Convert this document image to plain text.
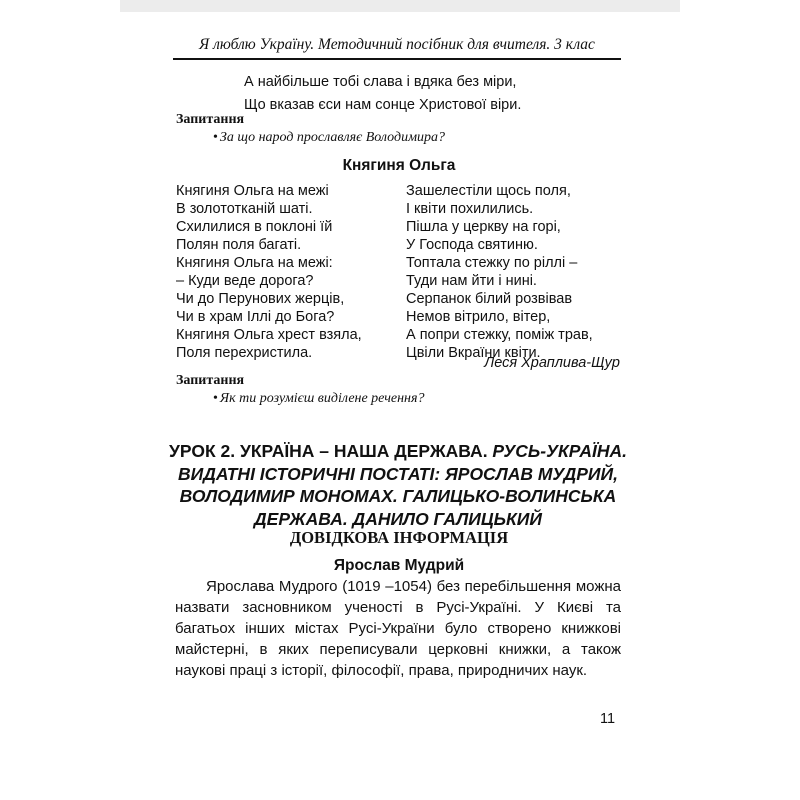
Я люблю Україну. Методичний посібник для вчителя. 3 клас
А найбільше тобі слава і вдяка без міри,
Що вказав єси нам сонце Христової віри.
Запитання
• За що народ прославляє Володимира?
Княгиня Ольга
Княгиня Ольга на межі
В золототканій шаті.
Схилилися в поклоні їй
Полян поля багаті.
Княгиня Ольга на межі:
– Куди веде дорога?
Чи до Перунових жерців,
Чи в храм Іллі до Бога?
Княгиня Ольга хрест взяла,
Поля перехристила.
Зашелестіли щось поля,
І квіти похилились.
Пішла у церкву на горі,
У Господа святиню.
Топтала стежку по ріллі –
Туди нам йти і нині.
Серпанок білий розвівав
Немов вітрило, вітер,
А попри стежку, поміж трав,
Цвіли Вкраїни квіти.
Леся Храплива-Щур
Запитання
• Як ти розумієш виділене речення?
УРОК 2. УКРАЇНА – НАША ДЕРЖАВА. РУСЬ-УКРАЇНА.
ВИДАТНІ ІСТОРИЧНІ ПОСТАТІ: ЯРОСЛАВ МУДРИЙ,
ВОЛОДИМИР МОНОМАХ. ГАЛИЦЬКО-ВОЛИНСЬКА
ДЕРЖАВА. ДАНИЛО ГАЛИЦЬКИЙ
ДОВІДКОВА ІНФОРМАЦІЯ
Ярослав Мудрий
Ярослава Мудрого (1019 –1054) без перебільшення можна
назвати засновником ученості в Русі-Україні. У Києві та
багатьох інших містах Русі-України було створено книжкові
майстерні, в яких переписували церковні книжки, а також
наукові праці з історії, філософії, права, природничих наук.
11
